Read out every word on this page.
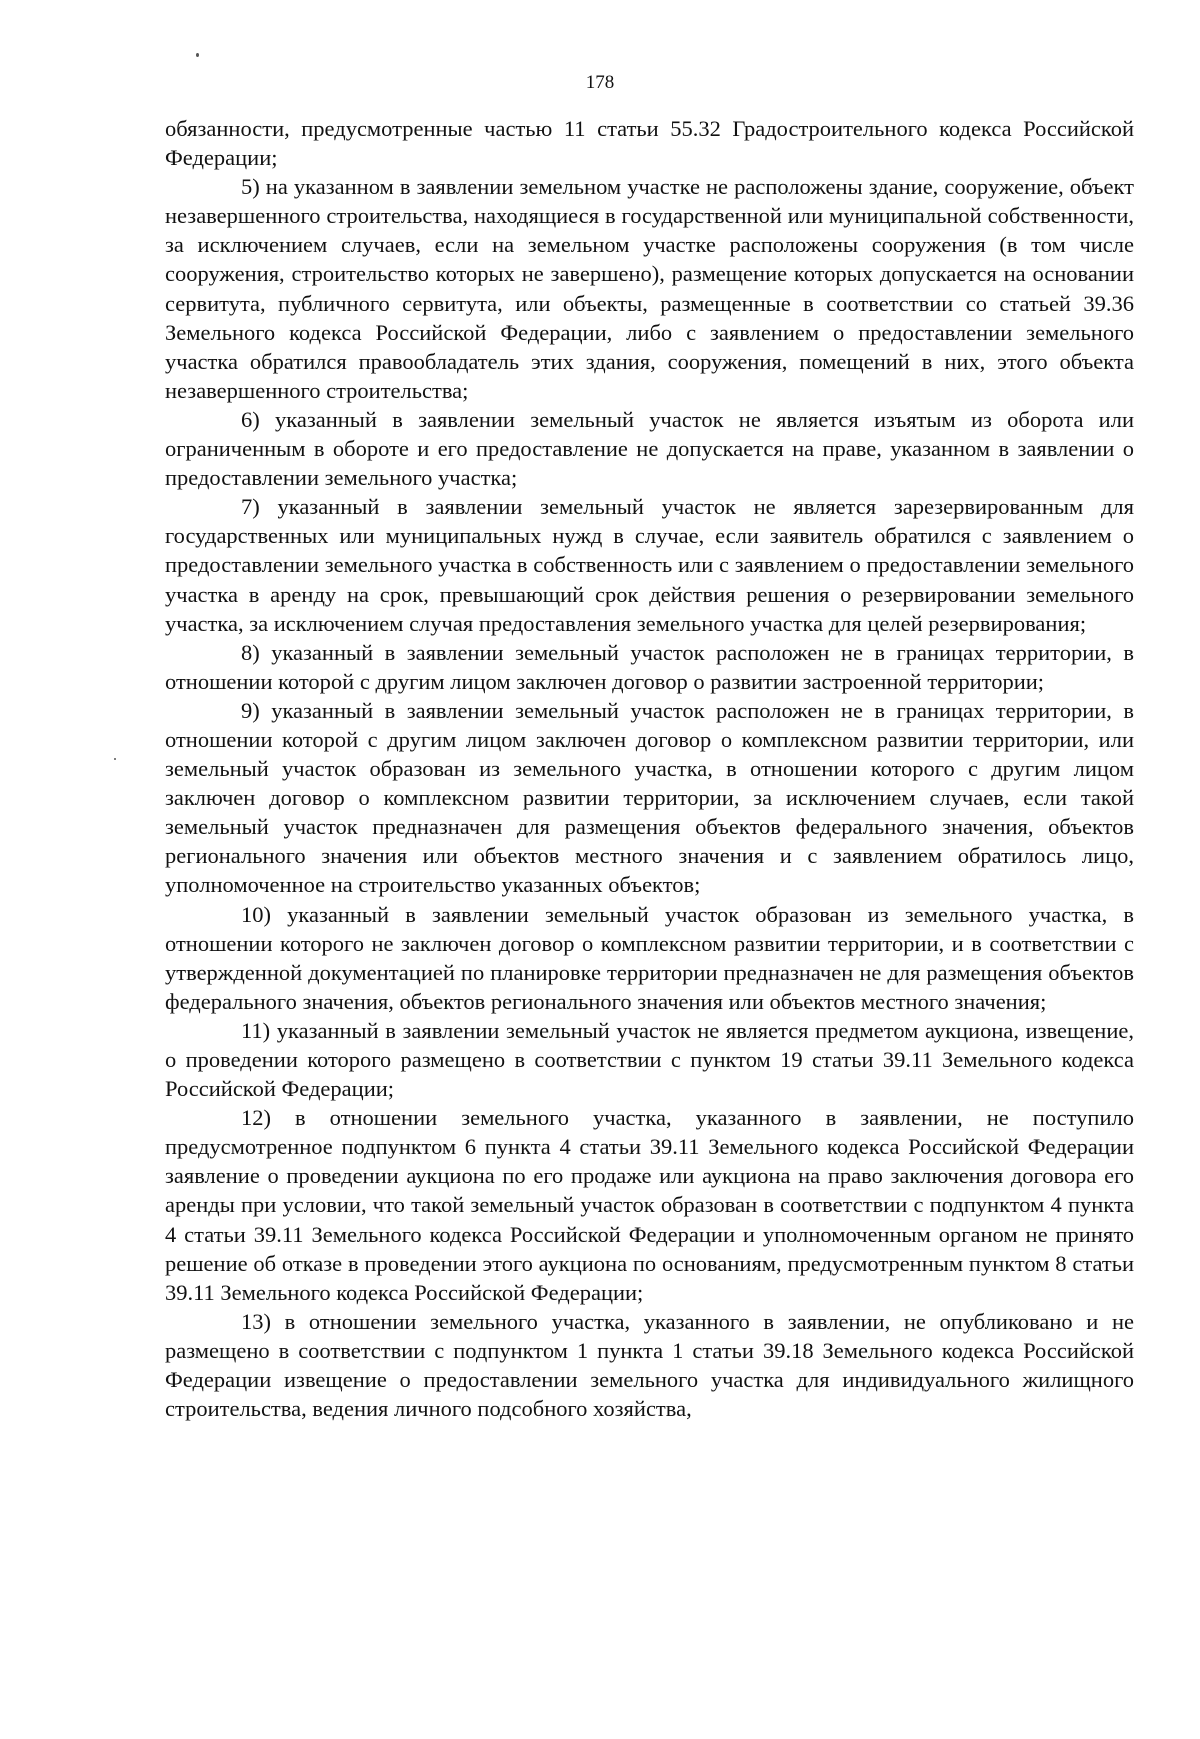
178

обязанности, предусмотренные частью 11 статьи 55.32 Градостроительного кодекса Российской Федерации;

5) на указанном в заявлении земельном участке не расположены здание, сооружение, объект незавершенного строительства, находящиеся в государственной или муниципальной собственности, за исключением случаев, если на земельном участке расположены сооружения (в том числе сооружения, строительство которых не завершено), размещение которых допускается на основании сервитута, публичного сервитута, или объекты, размещенные в соответствии со статьей 39.36 Земельного кодекса Российской Федерации, либо с заявлением о предоставлении земельного участка обратился правообладатель этих здания, сооружения, помещений в них, этого объекта незавершенного строительства;

6) указанный в заявлении земельный участок не является изъятым из оборота или ограниченным в обороте и его предоставление не допускается на праве, указанном в заявлении о предоставлении земельного участка;

7) указанный в заявлении земельный участок не является зарезервированным для государственных или муниципальных нужд в случае, если заявитель обратился с заявлением о предоставлении земельного участка в собственность или с заявлением о предоставлении земельного участка в аренду на срок, превышающий срок действия решения о резервировании земельного участка, за исключением случая предоставления земельного участка для целей резервирования;

8) указанный в заявлении земельный участок расположен не в границах территории, в отношении которой с другим лицом заключен договор о развитии застроенной территории;

9) указанный в заявлении земельный участок расположен не в границах территории, в отношении которой с другим лицом заключен договор о комплексном развитии территории, или земельный участок образован из земельного участка, в отношении которого с другим лицом заключен договор о комплексном развитии территории, за исключением случаев, если такой земельный участок предназначен для размещения объектов федерального значения, объектов регионального значения или объектов местного значения и с заявлением обратилось лицо, уполномоченное на строительство указанных объектов;

10) указанный в заявлении земельный участок образован из земельного участка, в отношении которого не заключен договор о комплексном развитии территории, и в соответствии с утвержденной документацией по планировке территории предназначен не для размещения объектов федерального значения, объектов регионального значения или объектов местного значения;

11) указанный в заявлении земельный участок не является предметом аукциона, извещение, о проведении которого размещено в соответствии с пунктом 19 статьи 39.11 Земельного кодекса Российской Федерации;

12) в отношении земельного участка, указанного в заявлении, не поступило предусмотренное подпунктом 6 пункта 4 статьи 39.11 Земельного кодекса Российской Федерации заявление о проведении аукциона по его продаже или аукциона на право заключения договора его аренды при условии, что такой земельный участок образован в соответствии с подпунктом 4 пункта 4 статьи 39.11 Земельного кодекса Российской Федерации и уполномоченным органом не принято решение об отказе в проведении этого аукциона по основаниям, предусмотренным пунктом 8 статьи 39.11 Земельного кодекса Российской Федерации;

13) в отношении земельного участка, указанного в заявлении, не опубликовано и не размещено в соответствии с подпунктом 1 пункта 1 статьи 39.18 Земельного кодекса Российской Федерации извещение о предоставлении земельного участка для индивидуального жилищного строительства, ведения личного подсобного хозяйства,
